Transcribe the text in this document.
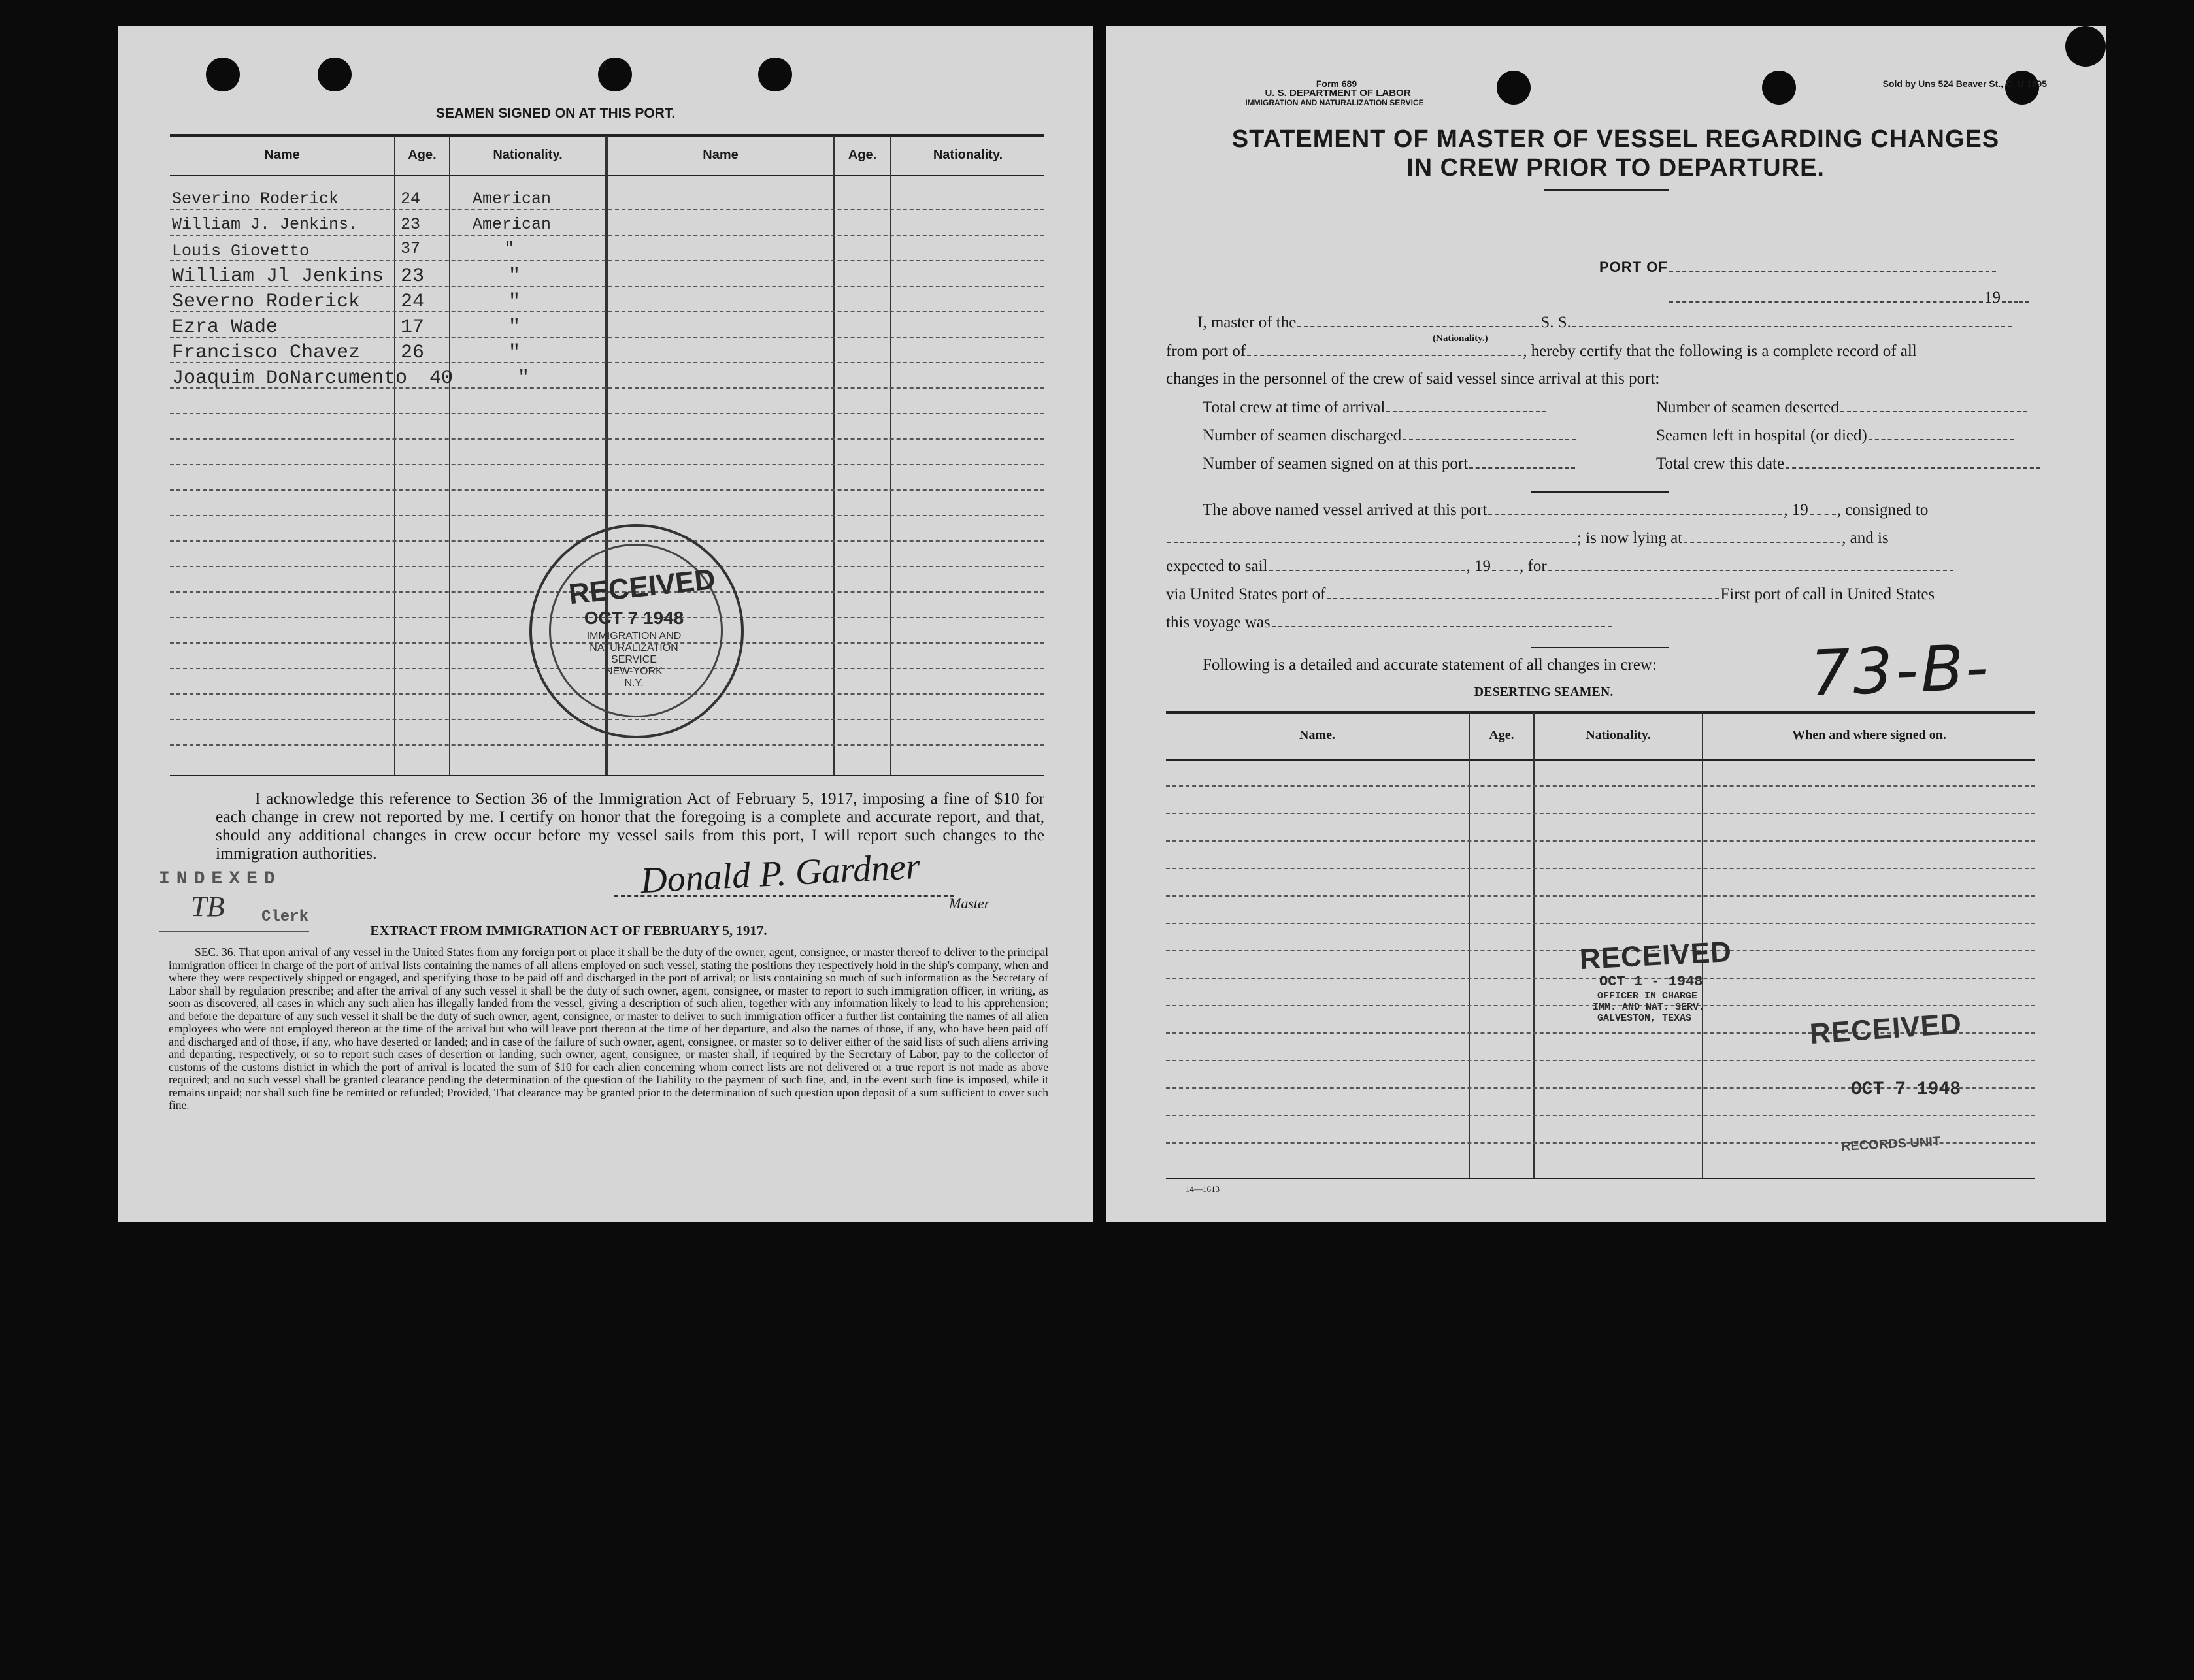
4
SEAMEN SIGNED ON AT THIS PORT.
Name	Age.	Nationality.	Name	Age.	Nationality.
Severino Roderick	24	American
William J. Jenkins.	23	American
Louis Giovetto	37	"
William Jl Jenkins 23	"
Severno Roderick 24	"
Ezra Wade	17	"
Francisco Chavez 26	"
Joaquim DoNarcumento 40	"
RECEIVED
OCT 7 1948
IMMIGRATION AND
NATURALIZATION
SERVICE
NEW-YORK
N.Y.
I acknowledge this reference to Section 36 of the Immigration Act of February 5, 1917, imposing a fine of $10 for each change in crew not reported by me. I certify on honor that the foregoing is a complete and accurate report, and that, should any additional changes in crew occur before my vessel sails from this port, I will report such changes to the immigration authorities.
INDEXED
TB Clerk
Donald P. Gardner
Master
EXTRACT FROM IMMIGRATION ACT OF FEBRUARY 5, 1917.
SEC. 36. That upon arrival of any vessel in the United States from any foreign port or place it shall be the duty of the owner, agent, consignee, or master thereof to deliver to the principal immigration officer in charge of the port of arrival lists containing the names of all aliens employed on such vessel, stating the positions they respectively hold in the ship's company, when and where they were respectively shipped or engaged, and specifying those to be paid off and discharged in the port of arrival; or lists containing so much of such information as the Secretary of Labor shall by regulation prescribe; and after the arrival of any such vessel it shall be the duty of such owner, agent, consignee, or master to report to such immigration officer, in writing, as soon as discovered, all cases in which any such alien has illegally landed from the vessel, giving a description of such alien, together with any information likely to lead to his apprehension; and before the departure of any such vessel it shall be the duty of such owner, agent, consignee, or master to deliver to such immigration officer a further list containing the names of all alien employees who were not employed thereon at the time of the arrival but who will leave port thereon at the time of her departure, and also the names of those, if any, who have been paid off and discharged and of those, if any, who have deserted or landed; and in case of the failure of such owner, agent, consignee, or master so to deliver either of the said lists of such aliens arriving and departing, respectively, or so to report such cases of desertion or landing, such owner, agent, consignee, or master shall, if required by the Secretary of Labor, pay to the collector of customs of the customs district in which the port of arrival is located the sum of $10 for each alien concerning whom correct lists are not delivered or a true report is not made as above required; and no such vessel shall be granted clearance pending the determination of the question of the liability to the payment of such fine, and, in the event such fine is imposed, while it remains unpaid; nor shall such fine be remitted or refunded; Provided, That clearance may be granted prior to the determination of such question upon deposit of a sum sufficient to cover such fine.
Form 689
U. S. DEPARTMENT OF LABOR
IMMIGRATION AND NATURALIZATION SERVICE
Sold by Uns 524 Beaver St., C. U 1895
STATEMENT OF MASTER OF VESSEL REGARDING CHANGES
IN CREW PRIOR TO DEPARTURE.
PORT OF
19
I, master of the	S. S.
(Nationality.)
from port of	, hereby certify that the following is a complete record of all
changes in the personnel of the crew of said vessel since arrival at this port:
Total crew at time of arrival	Number of seamen deserted
Number of seamen discharged	Seamen left in hospital (or died)
Number of seamen signed on at this port	Total crew this date
The above named vessel arrived at this port	, 19 , consigned to
; is now lying at	, and is
expected to sail	, 19 , for
via United States port of	First port of call in United States
this voyage was
Following is a detailed and accurate statement of all changes in crew: 73-B-
DESERTING SEAMEN.
Name.	Age.	Nationality.	When and where signed on.
RECEIVED
OCT 1 - 1948
OFFICER IN CHARGE
IMM. AND NAT. SERV.
GALVESTON, TEXAS	RECEIVED
OCT 7 1948
RECORDS UNIT
14—1613
